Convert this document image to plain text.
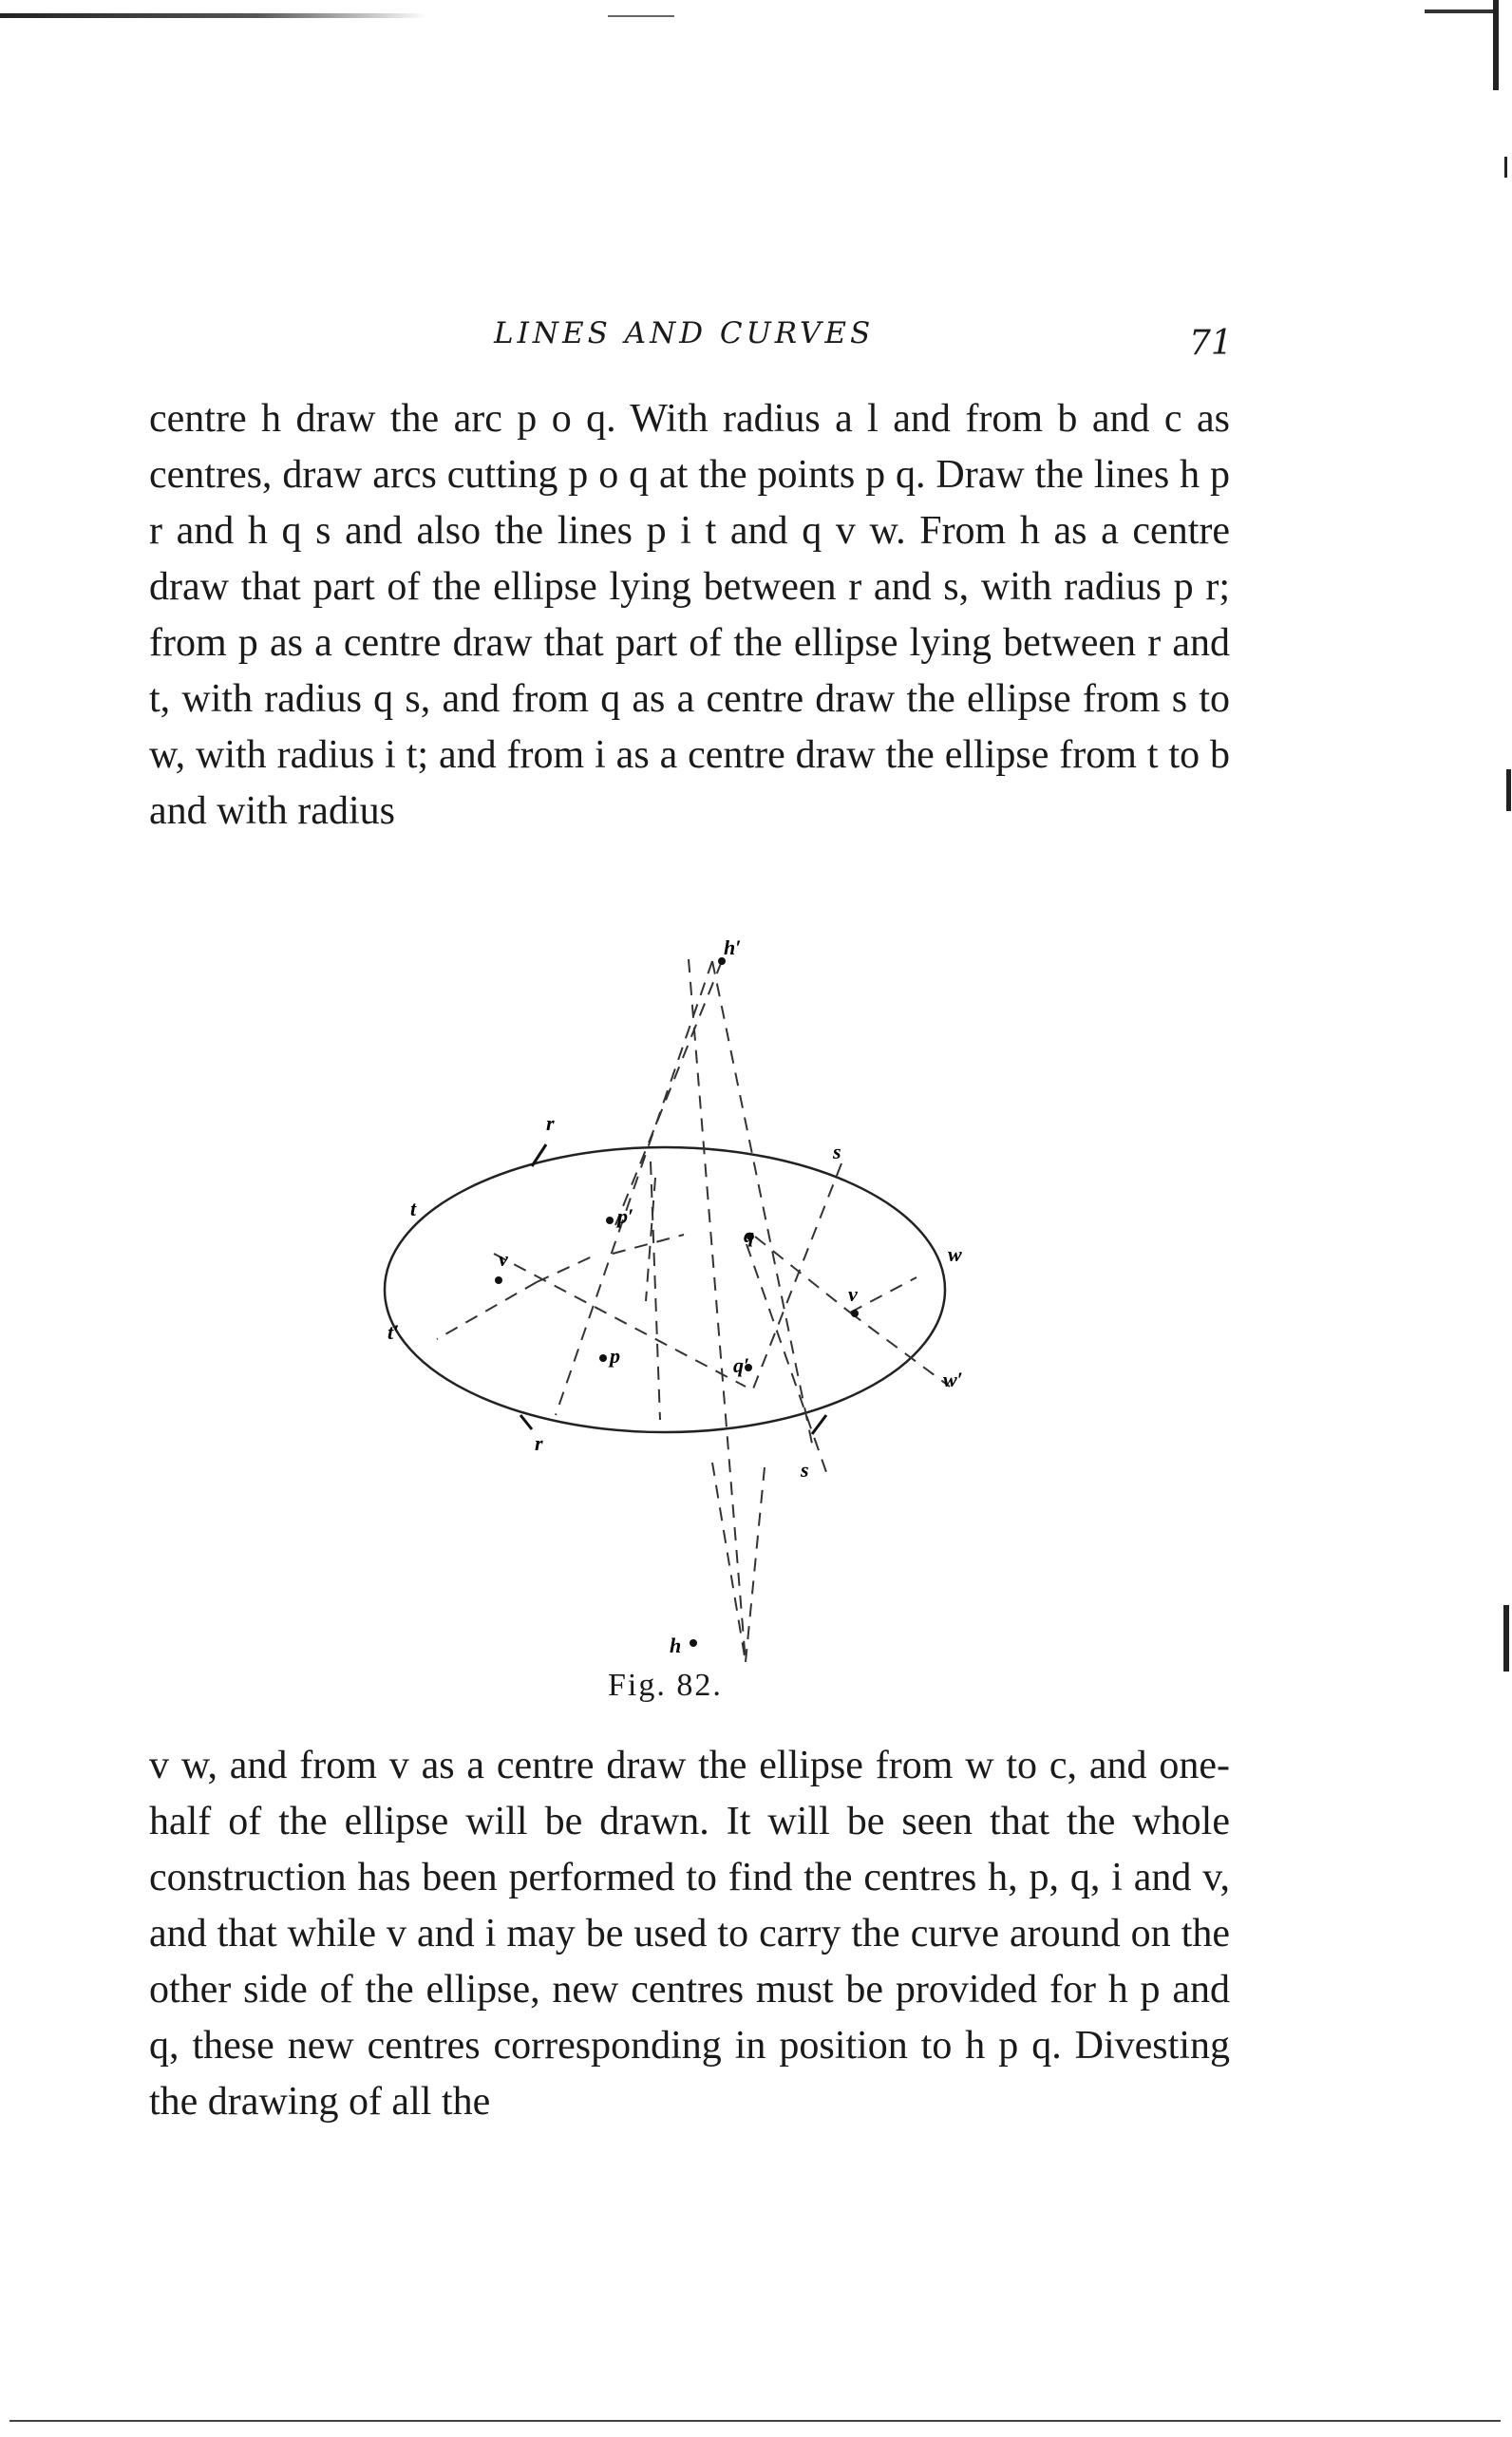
LINES AND CURVES	71

centre h draw the arc p o q. With radius a l and from b and c as centres, draw arcs cutting p o q at the points p q. Draw the lines h p r and h q s and also the lines p i t and q v w. From h as a centre draw that part of the ellipse lying between r and s, with radius p r; from p as a centre draw that part of the ellipse lying between r and t, with radius q s, and from q as a centre draw the ellipse from s to w, with radius i t; and from i as a centre draw the ellipse from t to b and with radius

h′
r
s
t
t′
p′
q
v
v
w
w′
p	q′
r
s
h
Fig. 82.

v w, and from v as a centre draw the ellipse from w to c, and one-half of the ellipse will be drawn. It will be seen that the whole construction has been performed to find the centres h, p, q, i and v, and that while v and i may be used to carry the curve around on the other side of the ellipse, new centres must be provided for h p and q, these new centres corresponding in position to h p q. Divesting the drawing of all the
